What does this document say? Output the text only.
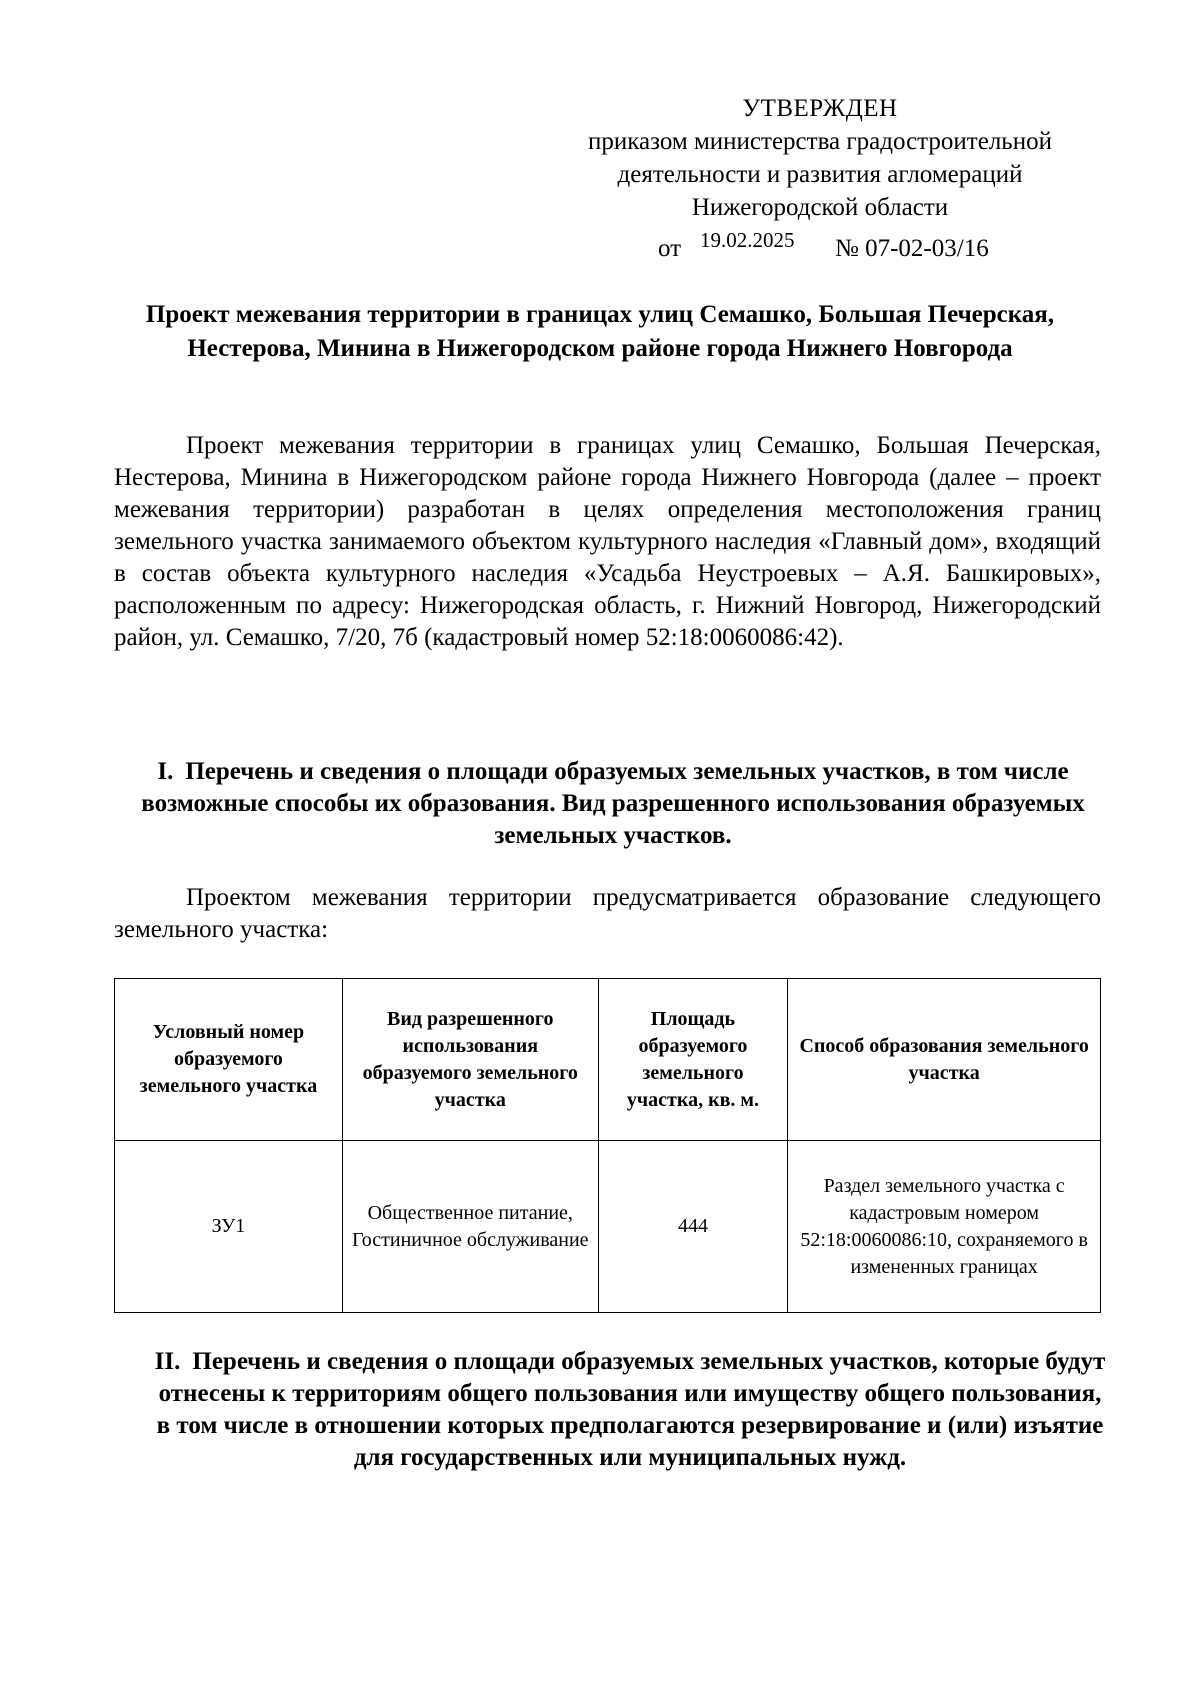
УТВЕРЖДЕН
приказом министерства градостроительной
деятельности и развития агломераций
Нижегородской области
от 19.02.2025 № 07-02-03/16
Проект межевания территории в границах улиц Семашко, Большая Печерская, Нестерова, Минина в Нижегородском районе города Нижнего Новгорода
Проект межевания территории в границах улиц Семашко, Большая Печерская, Нестерова, Минина в Нижегородском районе города Нижнего Новгорода (далее – проект межевания территории) разработан в целях определения местоположения границ земельного участка занимаемого объектом культурного наследия «Главный дом», входящий в состав объекта культурного наследия «Усадьба Неустроевых – А.Я. Башкировых», расположенным по адресу: Нижегородская область, г. Нижний Новгород, Нижегородский район, ул. Семашко, 7/20, 7б (кадастровый номер 52:18:0060086:42).
I. Перечень и сведения о площади образуемых земельных участков, в том числе возможные способы их образования. Вид разрешенного использования образуемых земельных участков.
Проектом межевания территории предусматривается образование следующего земельного участка:
Условный номер образуемого земельного участка	Вид разрешенного использования образуемого земельного участка	Площадь образуемого земельного участка, кв. м.	Способ образования земельного участка
ЗУ1	Общественное питание, Гостиничное обслуживание	444	Раздел земельного участка с кадастровым номером 52:18:0060086:10, сохраняемого в измененных границах
II. Перечень и сведения о площади образуемых земельных участков, которые будут отнесены к территориям общего пользования или имуществу общего пользования, в том числе в отношении которых предполагаются резервирование и (или) изъятие для государственных или муниципальных нужд.
